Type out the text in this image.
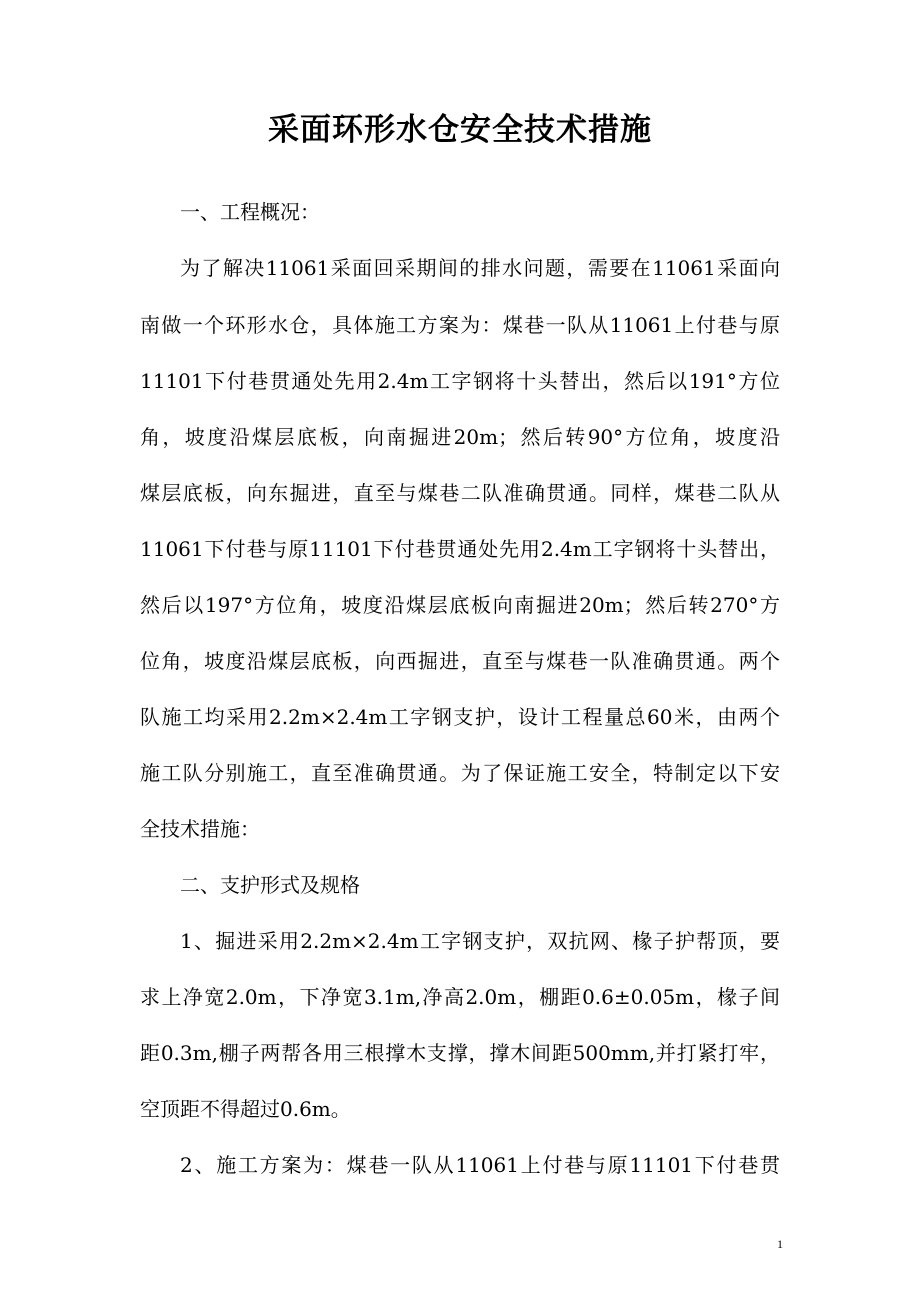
采面环形水仓安全技术措施
一、工程概况：
为了解决11061采面回采期间的排水问题，需要在11061采面向
南做一个环形水仓，具体施工方案为：煤巷一队从11061上付巷与原
11101下付巷贯通处先用2.4m工字钢将十头替出，然后以191°方位
角，坡度沿煤层底板，向南掘进20m；然后转90°方位角，坡度沿
煤层底板，向东掘进，直至与煤巷二队准确贯通。同样，煤巷二队从
11061下付巷与原11101下付巷贯通处先用2.4m工字钢将十头替出，
然后以197°方位角，坡度沿煤层底板向南掘进20m；然后转270°方
位角，坡度沿煤层底板，向西掘进，直至与煤巷一队准确贯通。两个
队施工均采用2.2m×2.4m工字钢支护，设计工程量总60米，由两个
施工队分别施工，直至准确贯通。为了保证施工安全，特制定以下安
全技术措施：
二、支护形式及规格
1、掘进采用2.2m×2.4m工字钢支护，双抗网、椽子护帮顶，要
求上净宽2.0m，下净宽3.1m,净高2.0m，棚距0.6±0.05m，椽子间
距0.3m,棚子两帮各用三根撑木支撑，撑木间距500mm,并打紧打牢，
空顶距不得超过0.6m。
2、施工方案为：煤巷一队从11061上付巷与原11101下付巷贯
1
